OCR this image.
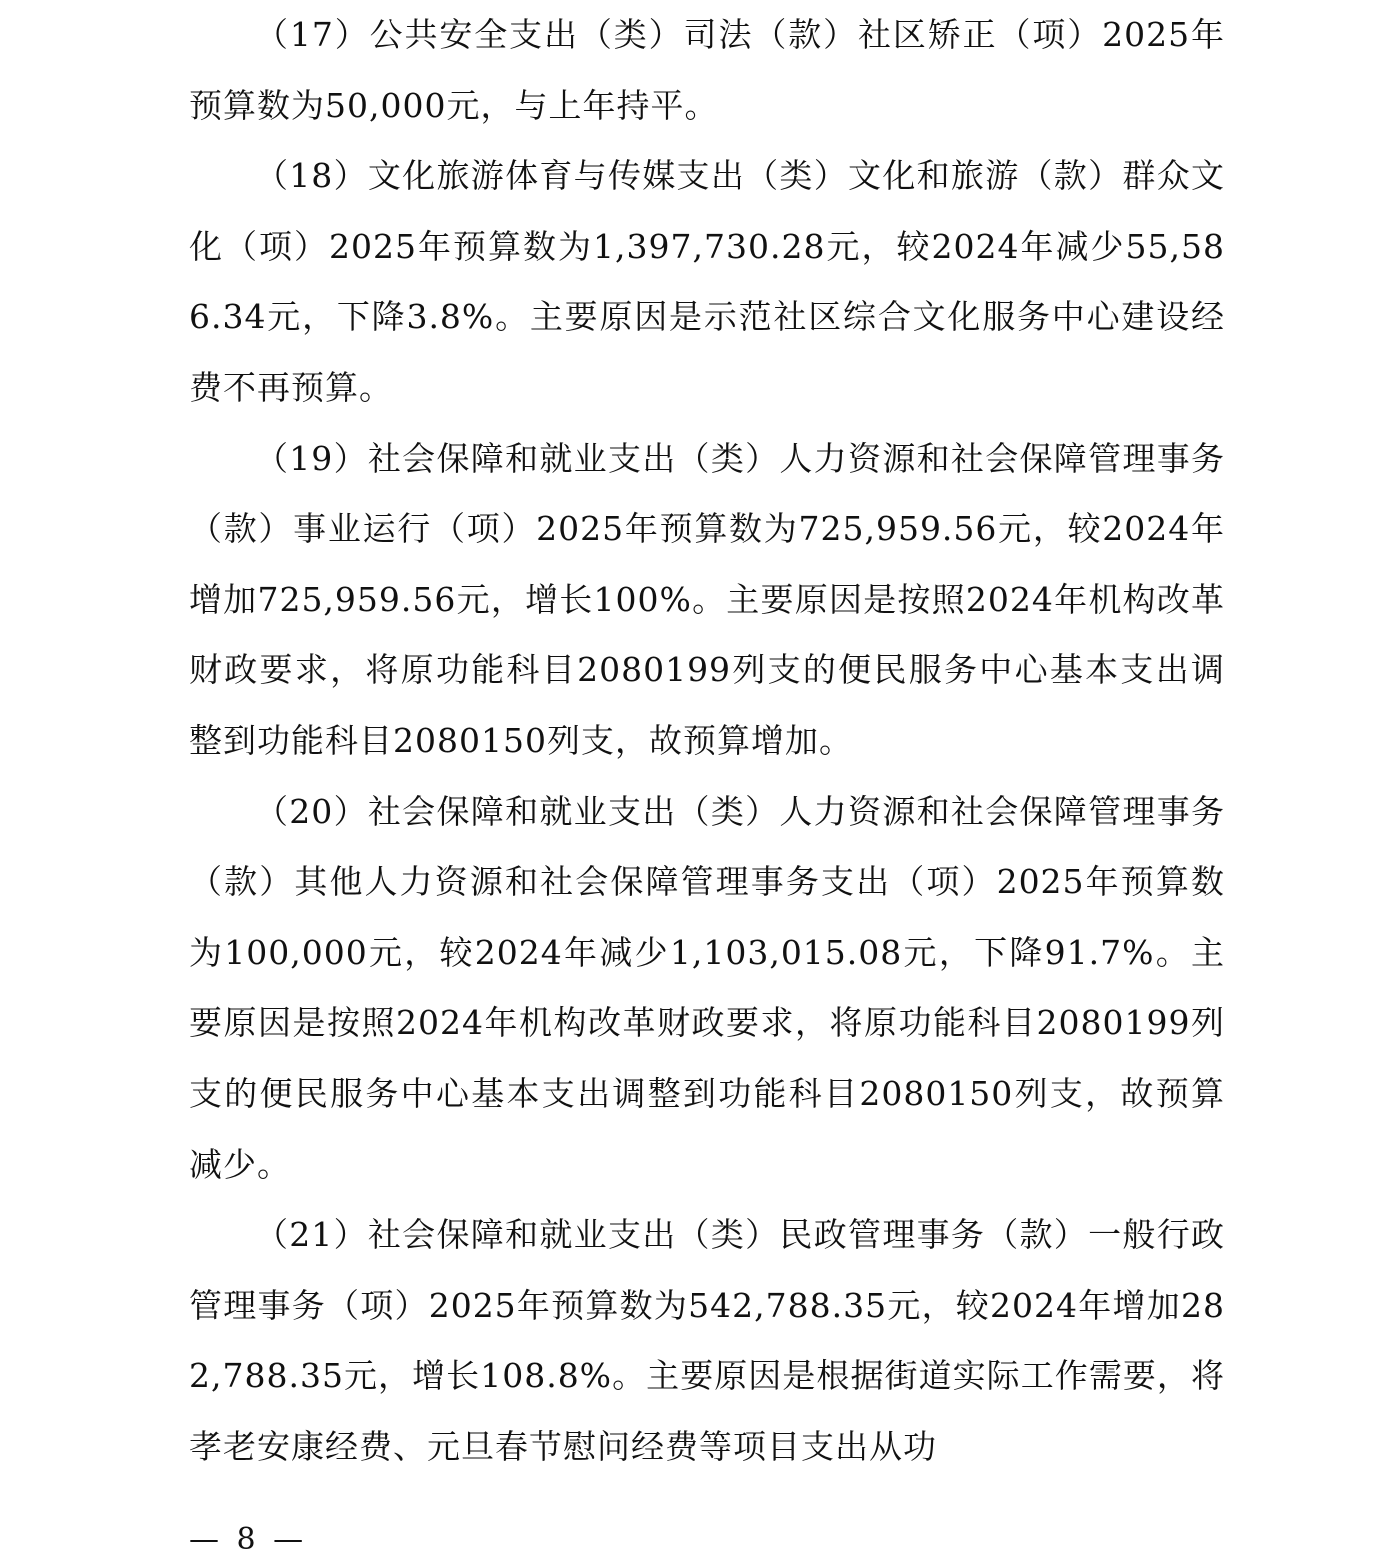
（17）公共安全支出（类）司法（款）社区矫正（项）2025年预算数为50,000元，与上年持平。

（18）文化旅游体育与传媒支出（类）文化和旅游（款）群众文化（项）2025年预算数为1,397,730.28元，较2024年减少55,586.34元，下降3.8%。主要原因是示范社区综合文化服务中心建设经费不再预算。

（19）社会保障和就业支出（类）人力资源和社会保障管理事务（款）事业运行（项）2025年预算数为725,959.56元，较2024年增加725,959.56元，增长100%。主要原因是按照2024年机构改革财政要求，将原功能科目2080199列支的便民服务中心基本支出调整到功能科目2080150列支，故预算增加。

（20）社会保障和就业支出（类）人力资源和社会保障管理事务（款）其他人力资源和社会保障管理事务支出（项）2025年预算数为100,000元，较2024年减少1,103,015.08元，下降91.7%。主要原因是按照2024年机构改革财政要求，将原功能科目2080199列支的便民服务中心基本支出调整到功能科目2080150列支，故预算减少。

（21）社会保障和就业支出（类）民政管理事务（款）一般行政管理事务（项）2025年预算数为542,788.35元，较2024年增加282,788.35元，增长108.8%。主要原因是根据街道实际工作需要，将孝老安康经费、元旦春节慰问经费等项目支出从功

— 8 —
